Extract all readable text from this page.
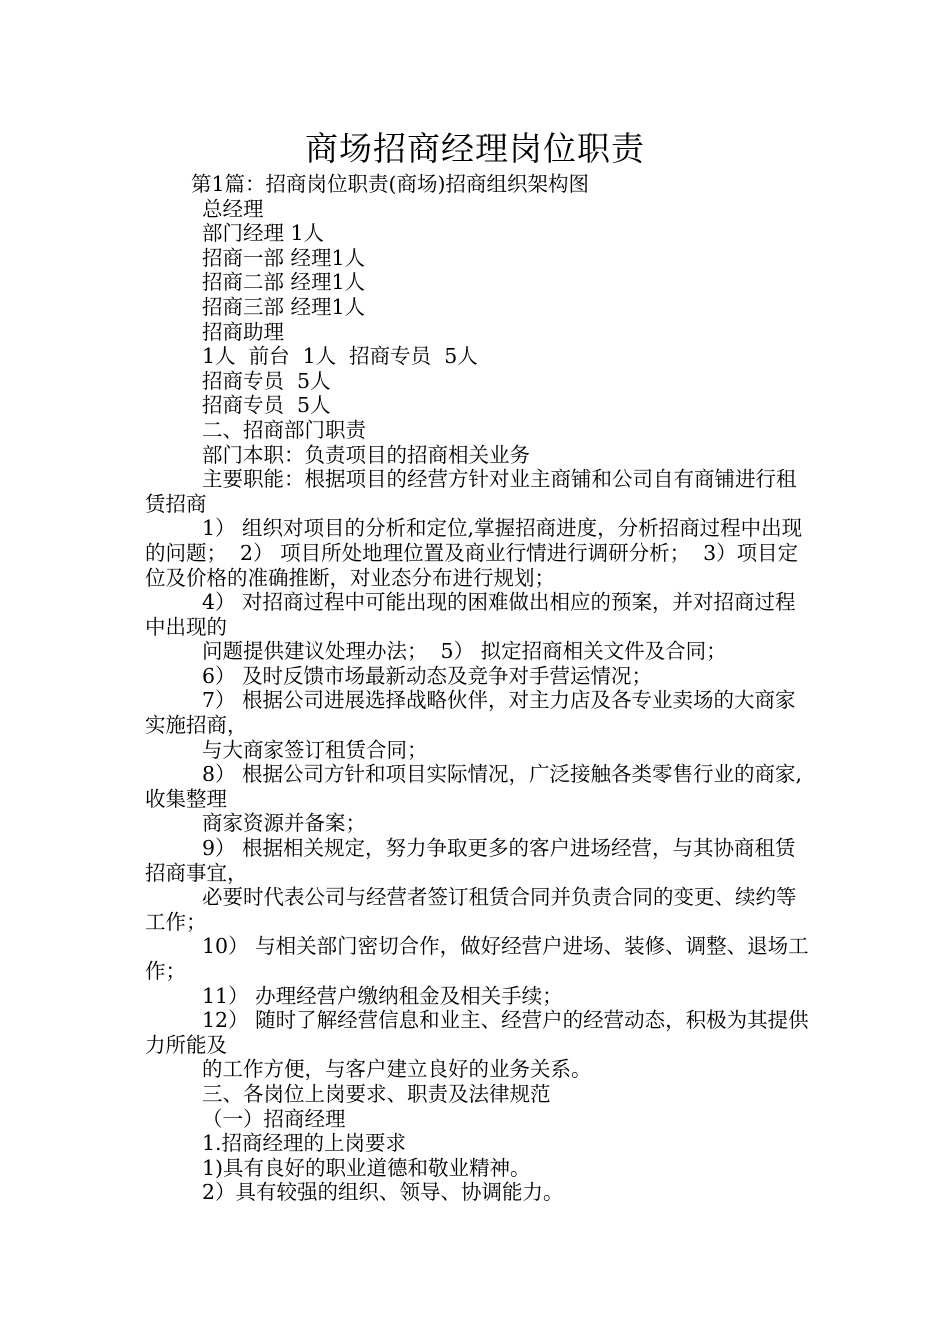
商场招商经理岗位职责

第1篇：招商岗位职责(商场)招商组织架构图

总经理

部门经理 1人

招商一部 经理1人

招商二部 经理1人

招商三部 经理1人

招商助理

1人  前台  1人  招商专员  5人

招商专员  5人

招商专员  5人

二、招商部门职责

部门本职：负责项目的招商相关业务

主要职能：根据项目的经营方针对业主商铺和公司自有商铺进行租赁招商

1） 组织对项目的分析和定位,掌握招商进度，分析招商过程中出现的问题；  2） 项目所处地理位置及商业行情进行调研分析；  3）项目定位及价格的准确推断，对业态分布进行规划；

4） 对招商过程中可能出现的困难做出相应的预案，并对招商过程中出现的

问题提供建议处理办法；  5） 拟定招商相关文件及合同；

6） 及时反馈市场最新动态及竞争对手营运情况；

7） 根据公司进展选择战略伙伴，对主力店及各专业卖场的大商家实施招商，

与大商家签订租赁合同；

8） 根据公司方针和项目实际情况，广泛接触各类零售行业的商家,收集整理

商家资源并备案；

9） 根据相关规定，努力争取更多的客户进场经营，与其协商租赁招商事宜，

必要时代表公司与经营者签订租赁合同并负责合同的变更、续约等工作；

10） 与相关部门密切合作，做好经营户进场、装修、调整、退场工作；

11） 办理经营户缴纳租金及相关手续；

12） 随时了解经营信息和业主、经营户的经营动态，积极为其提供力所能及

的工作方便，与客户建立良好的业务关系。

三、各岗位上岗要求、职责及法律规范

（一）招商经理

1.招商经理的上岗要求

1)具有良好的职业道德和敬业精神。

2）具有较强的组织、领导、协调能力。
